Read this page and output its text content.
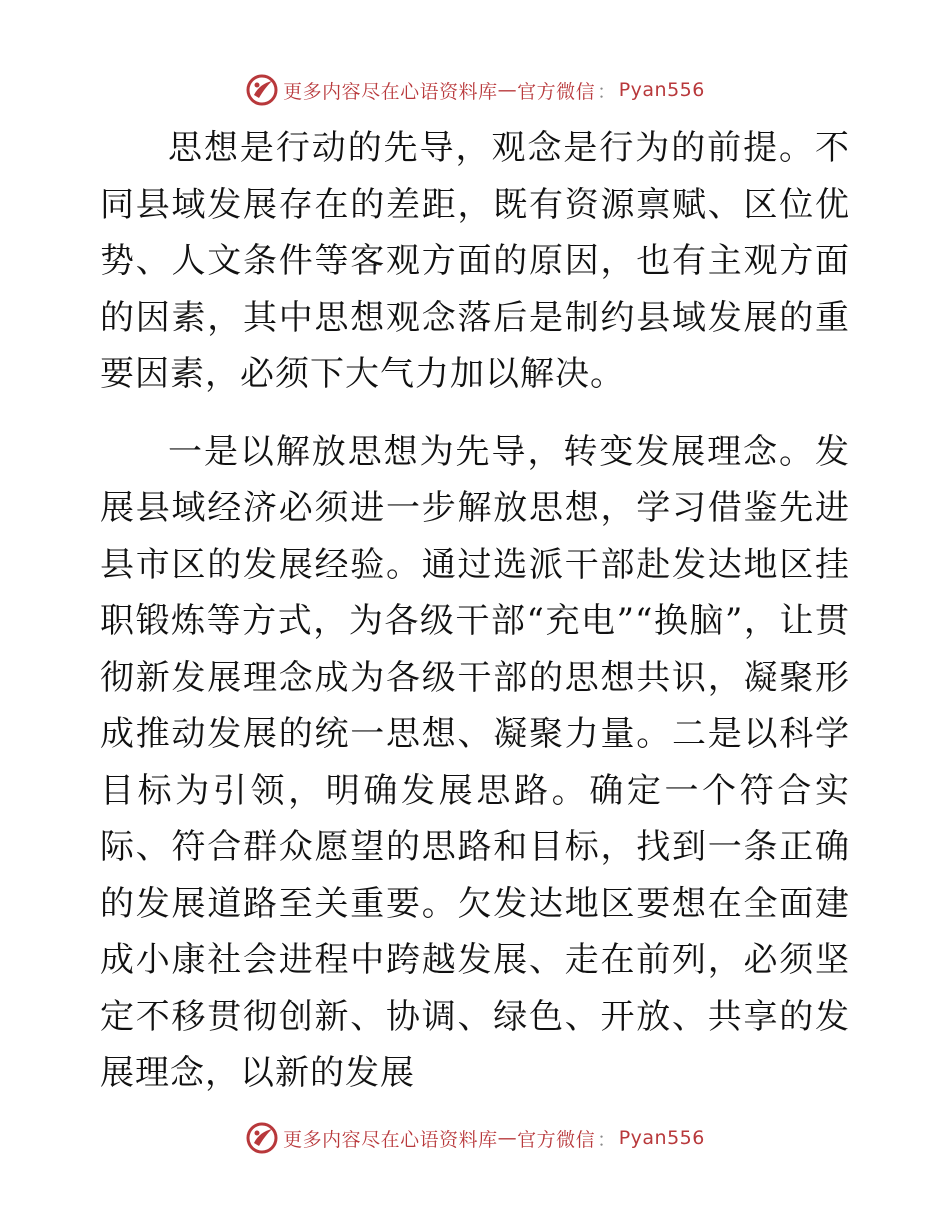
更多内容尽在心语资料库 — 官方微信 ： Pyan556

思想是行动的先导，观念是行为的前提。不同县域发展存在的差距，既有资源禀赋、区位优势、人文条件等客观方面的原因，也有主观方面的因素，其中思想观念落后是制约县域发展的重要因素，必须下大气力加以解决。

一是以解放思想为先导，转变发展理念。发展县域经济必须进一步解放思想，学习借鉴先进县市区的发展经验。通过选派干部赴发达地区挂职锻炼等方式，为各级干部“充电”“换脑”，让贯彻新发展理念成为各级干部的思想共识，凝聚形成推动发展的统一思想、凝聚力量。二是以科学目标为引领，明确发展思路。确定一个符合实际、符合群众愿望的思路和目标，找到一条正确的发展道路至关重要。欠发达地区要想在全面建成小康社会进程中跨越发展、走在前列，必须坚定不移贯彻创新、协调、绿色、开放、共享的发展理念，以新的发展

更多内容尽在心语资料库 — 官方微信 ： Pyan556
